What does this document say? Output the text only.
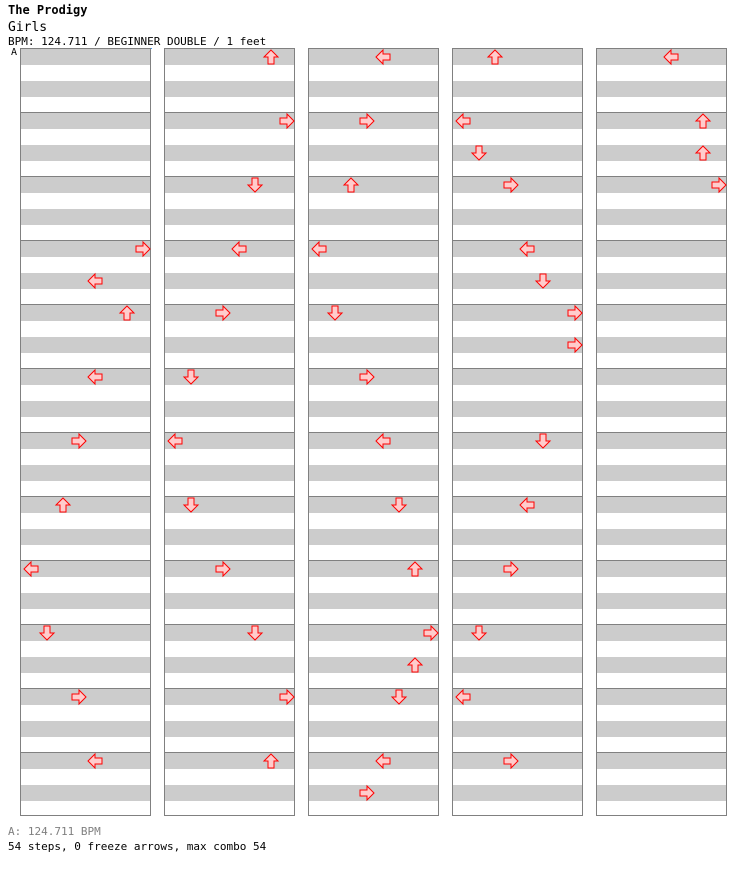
The Prodigy
Girls
BPM: 124.711 / BEGINNER DOUBLE / 1 feet
A
A: 124.711 BPM
54 steps, 0 freeze arrows, max combo 54
